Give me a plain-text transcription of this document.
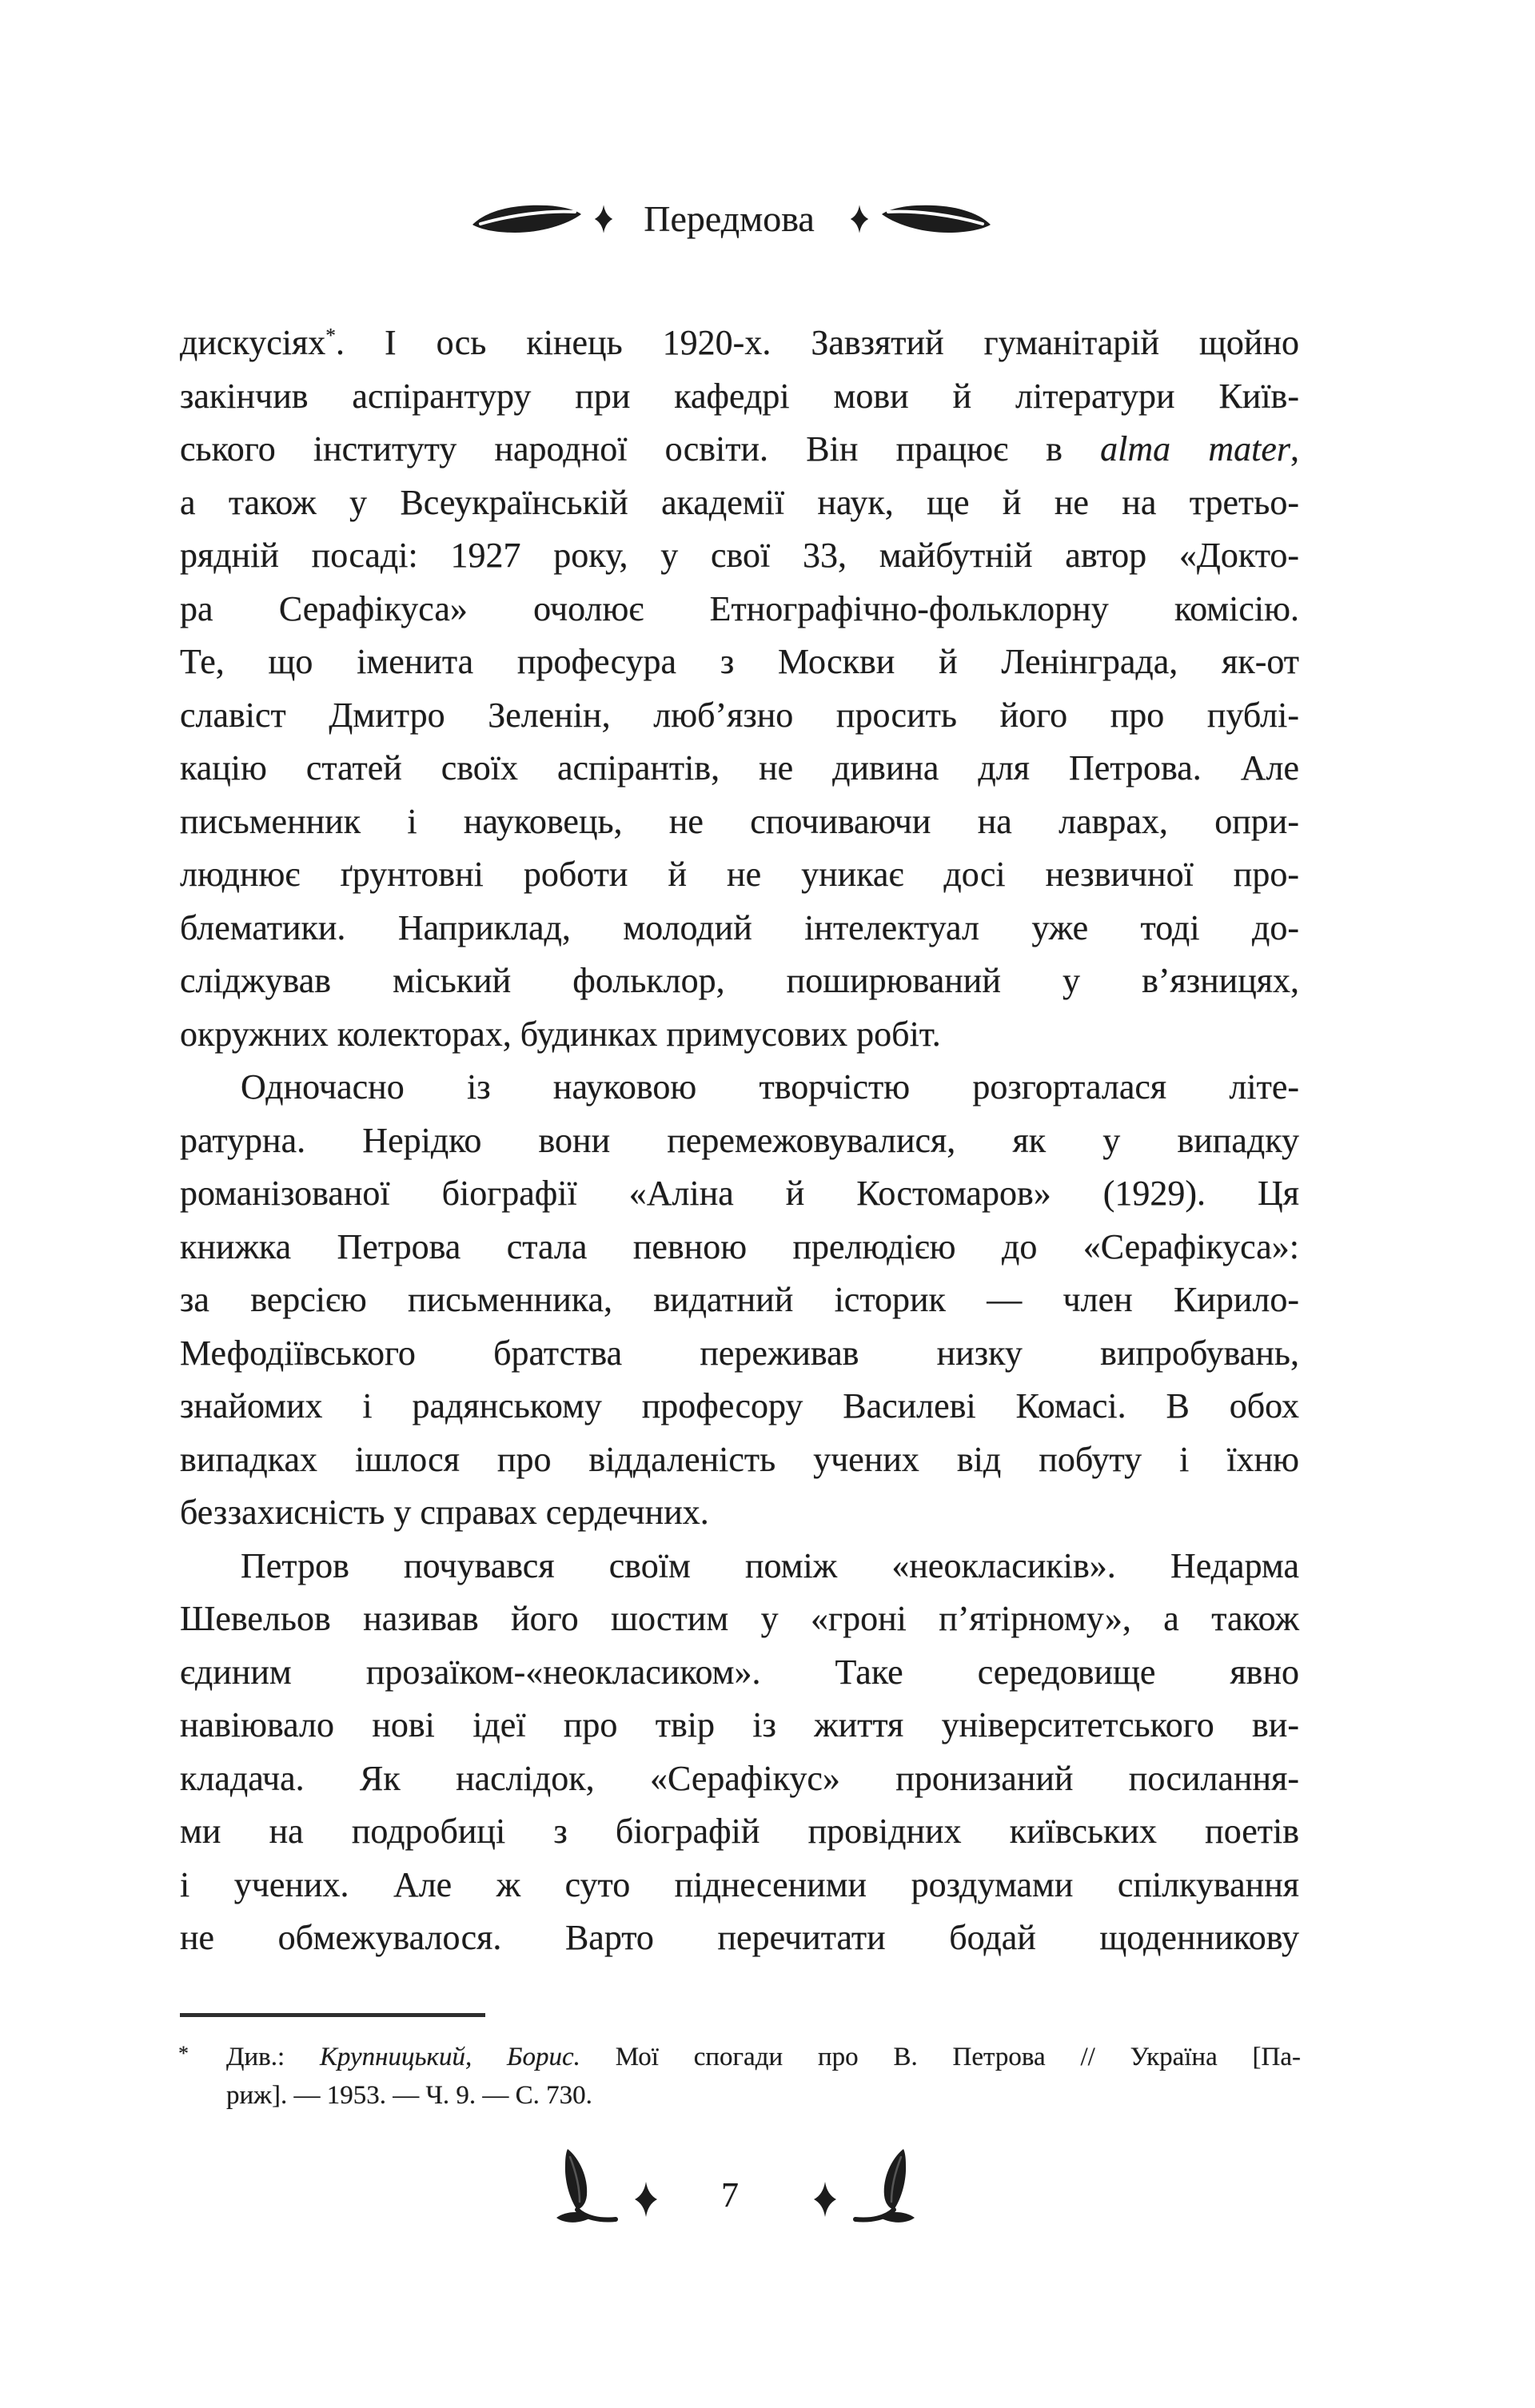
Передмова
дискусіях*. І ось кінець 1920-х. Завзятий гуманітарій щойно
закінчив аспірантуру при кафедрі мови й літератури Київ-
ського інституту народної освіти. Він працює в alma mater,
а також у Всеукраїнській академії наук, ще й не на третьо-
рядній посаді: 1927 року, у свої 33, майбутній автор «Докто-
ра Серафікуса» очолює Етнографічно-фольклорну комісію.
Те, що іменита професура з Москви й Ленінграда, як-от
славіст Дмитро Зеленін, люб’язно просить його про публі-
кацію статей своїх аспірантів, не дивина для Петрова. Але
письменник і науковець, не спочиваючи на лаврах, опри-
люднює ґрунтовні роботи й не уникає досі незвичної про-
блематики. Наприклад, молодий інтелектуал уже тоді до-
сліджував міський фольклор, поширюваний у в’язницях,
окружних колекторах, будинках примусових робіт.
Одночасно із науковою творчістю розгорталася літе-
ратурна. Нерідко вони перемежовувалися, як у випадку
романізованої біографії «Аліна й Костомаров» (1929). Ця
книжка Петрова стала певною прелюдією до «Серафікуса»:
за версією письменника, видатний історик — член Кирило-
Мефодіївського братства переживав низку випробувань,
знайомих і радянському професору Василеві Комасі. В обох
випадках ішлося про віддаленість учених від побуту і їхню
беззахисність у справах сердечних.
Петров почувався своїм поміж «неокласиків». Недарма
Шевельов називав його шостим у «гроні п’ятірному», а також
єдиним прозаїком-«неокласиком». Таке середовище явно
навіювало нові ідеї про твір із життя університетського ви-
кладача. Як наслідок, «Серафікус» пронизаний посилання-
ми на подробиці з біографій провідних київських поетів
і учених. Але ж суто піднесеними роздумами спілкування
не обмежувалося. Варто перечитати бодай щоденникову
* Див.: Крупницький, Борис. Мої спогади про В. Петрова // Україна [Па-
риж]. — 1953. — Ч. 9. — С. 730.
7
